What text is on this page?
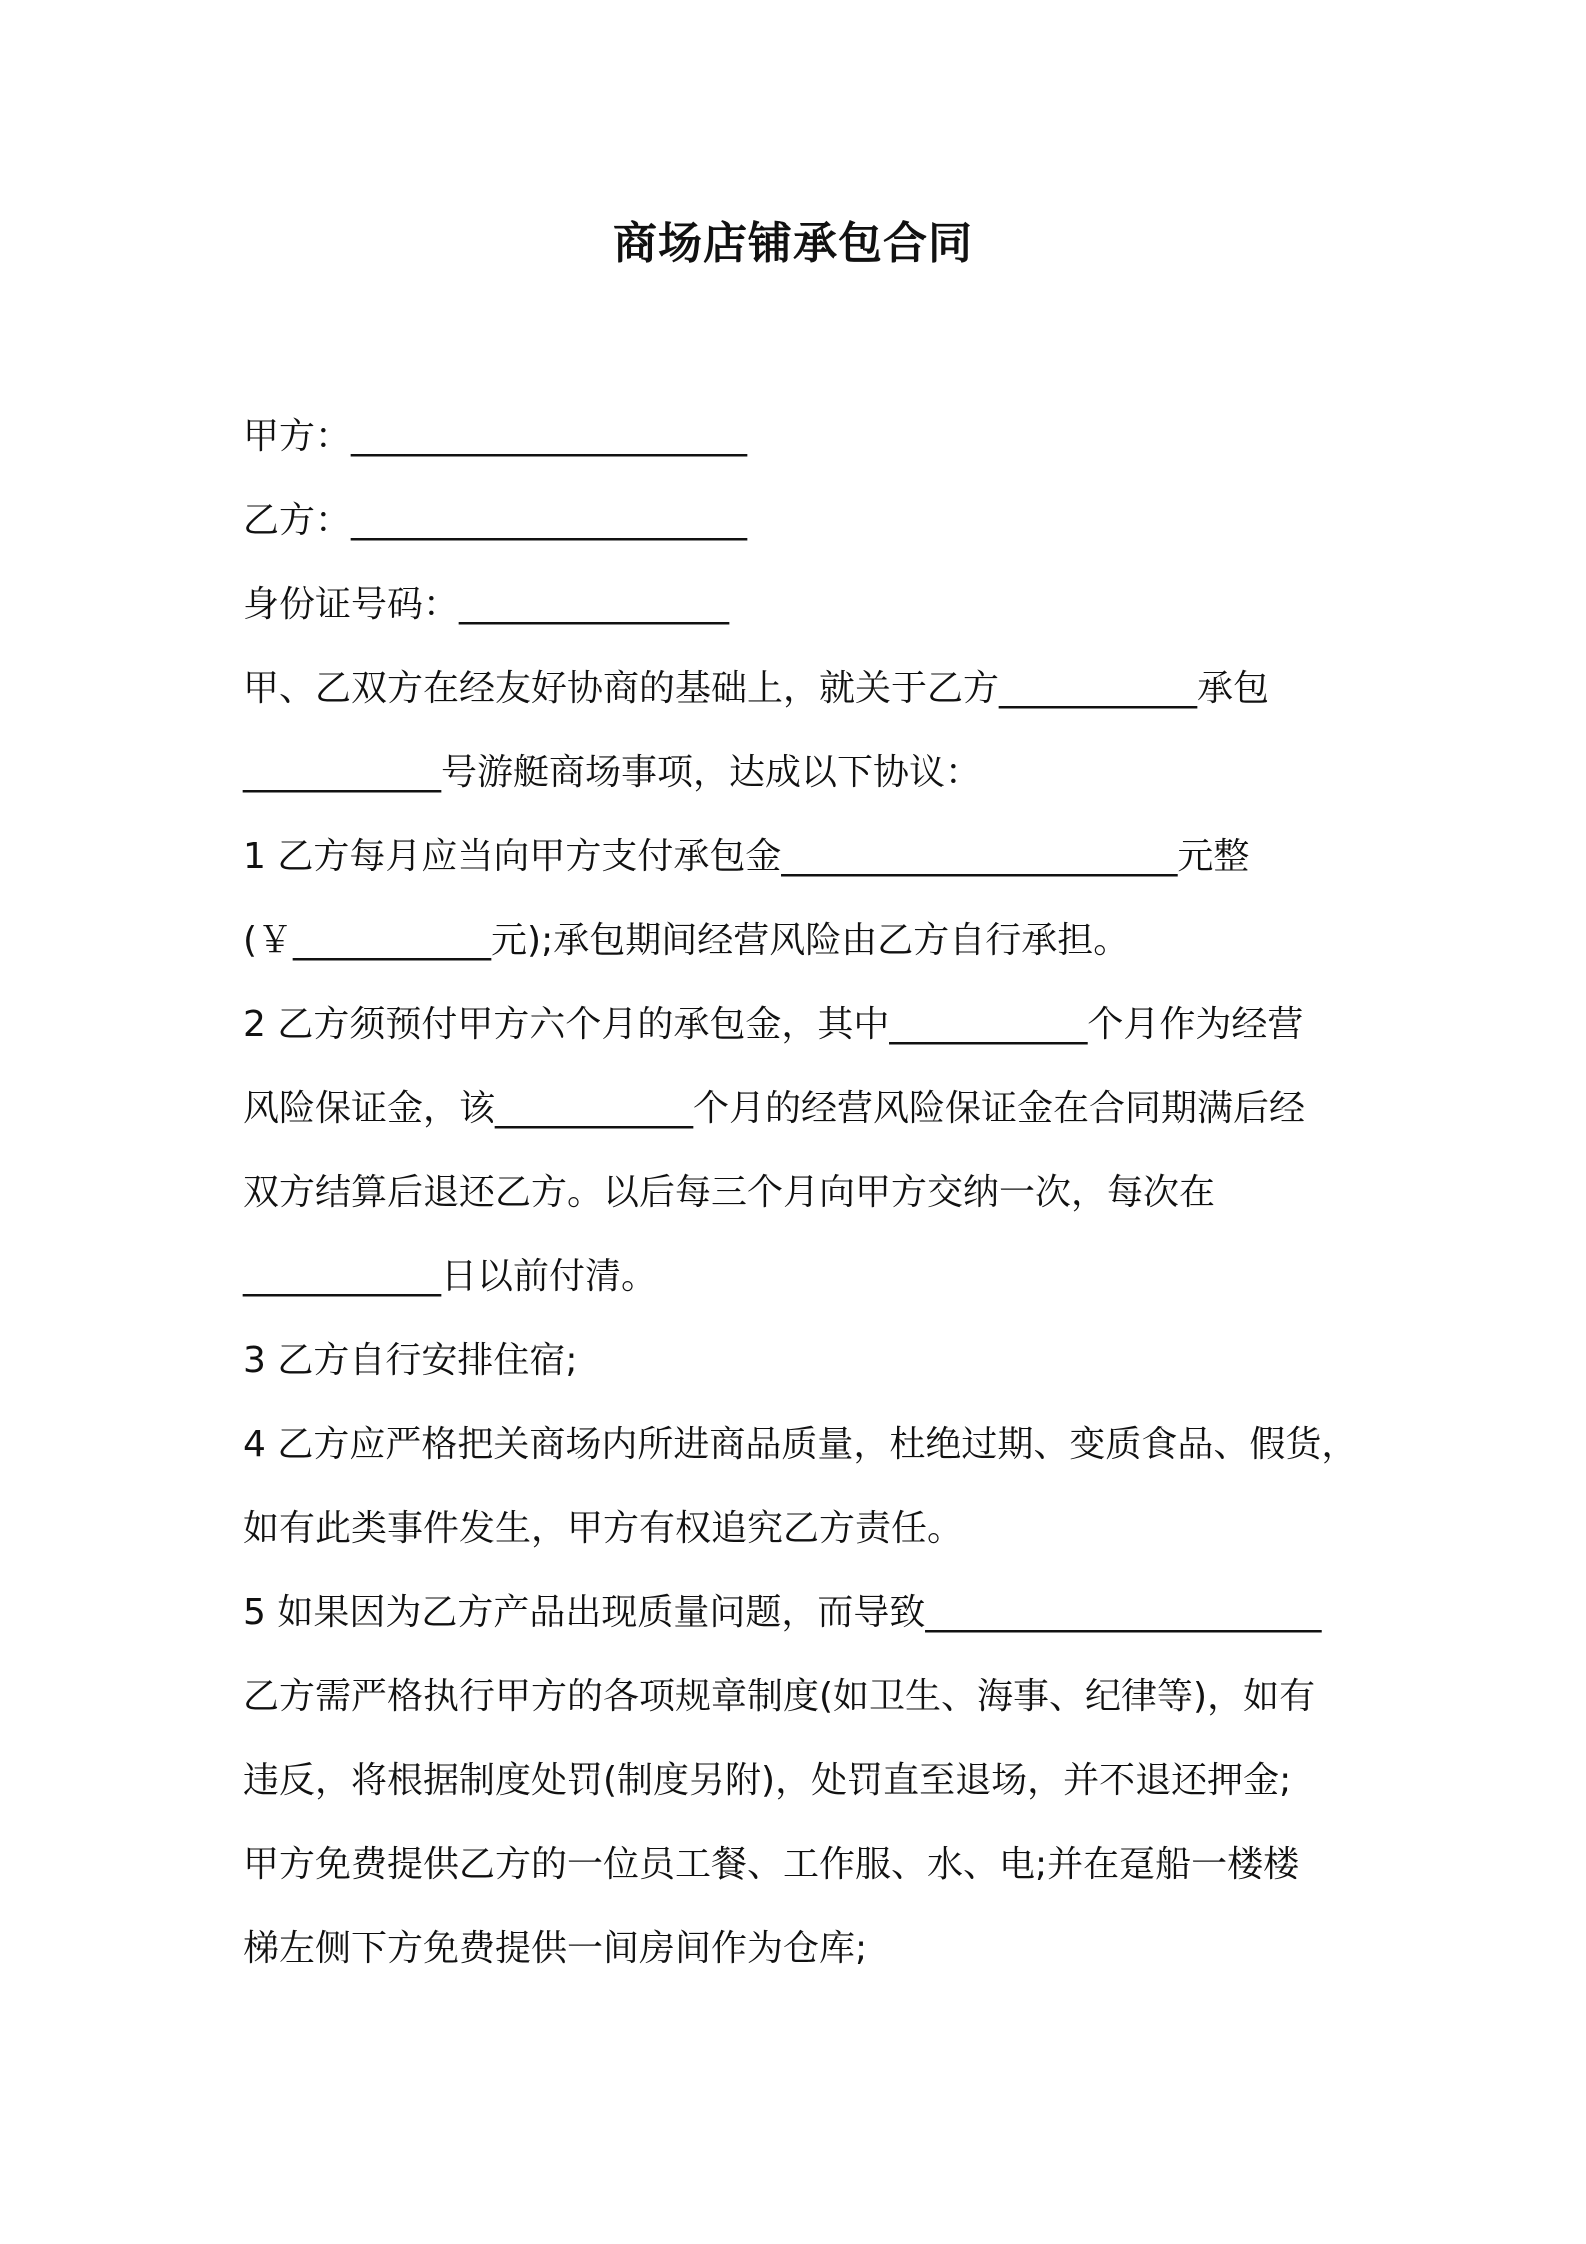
商场店铺承包合同
甲方：______________________
乙方：______________________
身份证号码：_______________
甲、乙双方在经友好协商的基础上，就关于乙方___________承包
___________号游艇商场事项，达成以下协议：
1 乙方每月应当向甲方支付承包金______________________元整
(￥___________元);承包期间经营风险由乙方自行承担。
2 乙方须预付甲方六个月的承包金，其中___________个月作为经营
风险保证金，该___________个月的经营风险保证金在合同期满后经
双方结算后退还乙方。以后每三个月向甲方交纳一次，每次在
___________日以前付清。
3 乙方自行安排住宿;
4 乙方应严格把关商场内所进商品质量，杜绝过期、变质食品、假货，
如有此类事件发生，甲方有权追究乙方责任。
5 如果因为乙方产品出现质量问题，而导致______________________
乙方需严格执行甲方的各项规章制度(如卫生、海事、纪律等)，如有
违反，将根据制度处罚(制度另附)，处罚直至退场，并不退还押金;
甲方免费提供乙方的一位员工餐、工作服、水、电;并在趸船一楼楼
梯左侧下方免费提供一间房间作为仓库;
